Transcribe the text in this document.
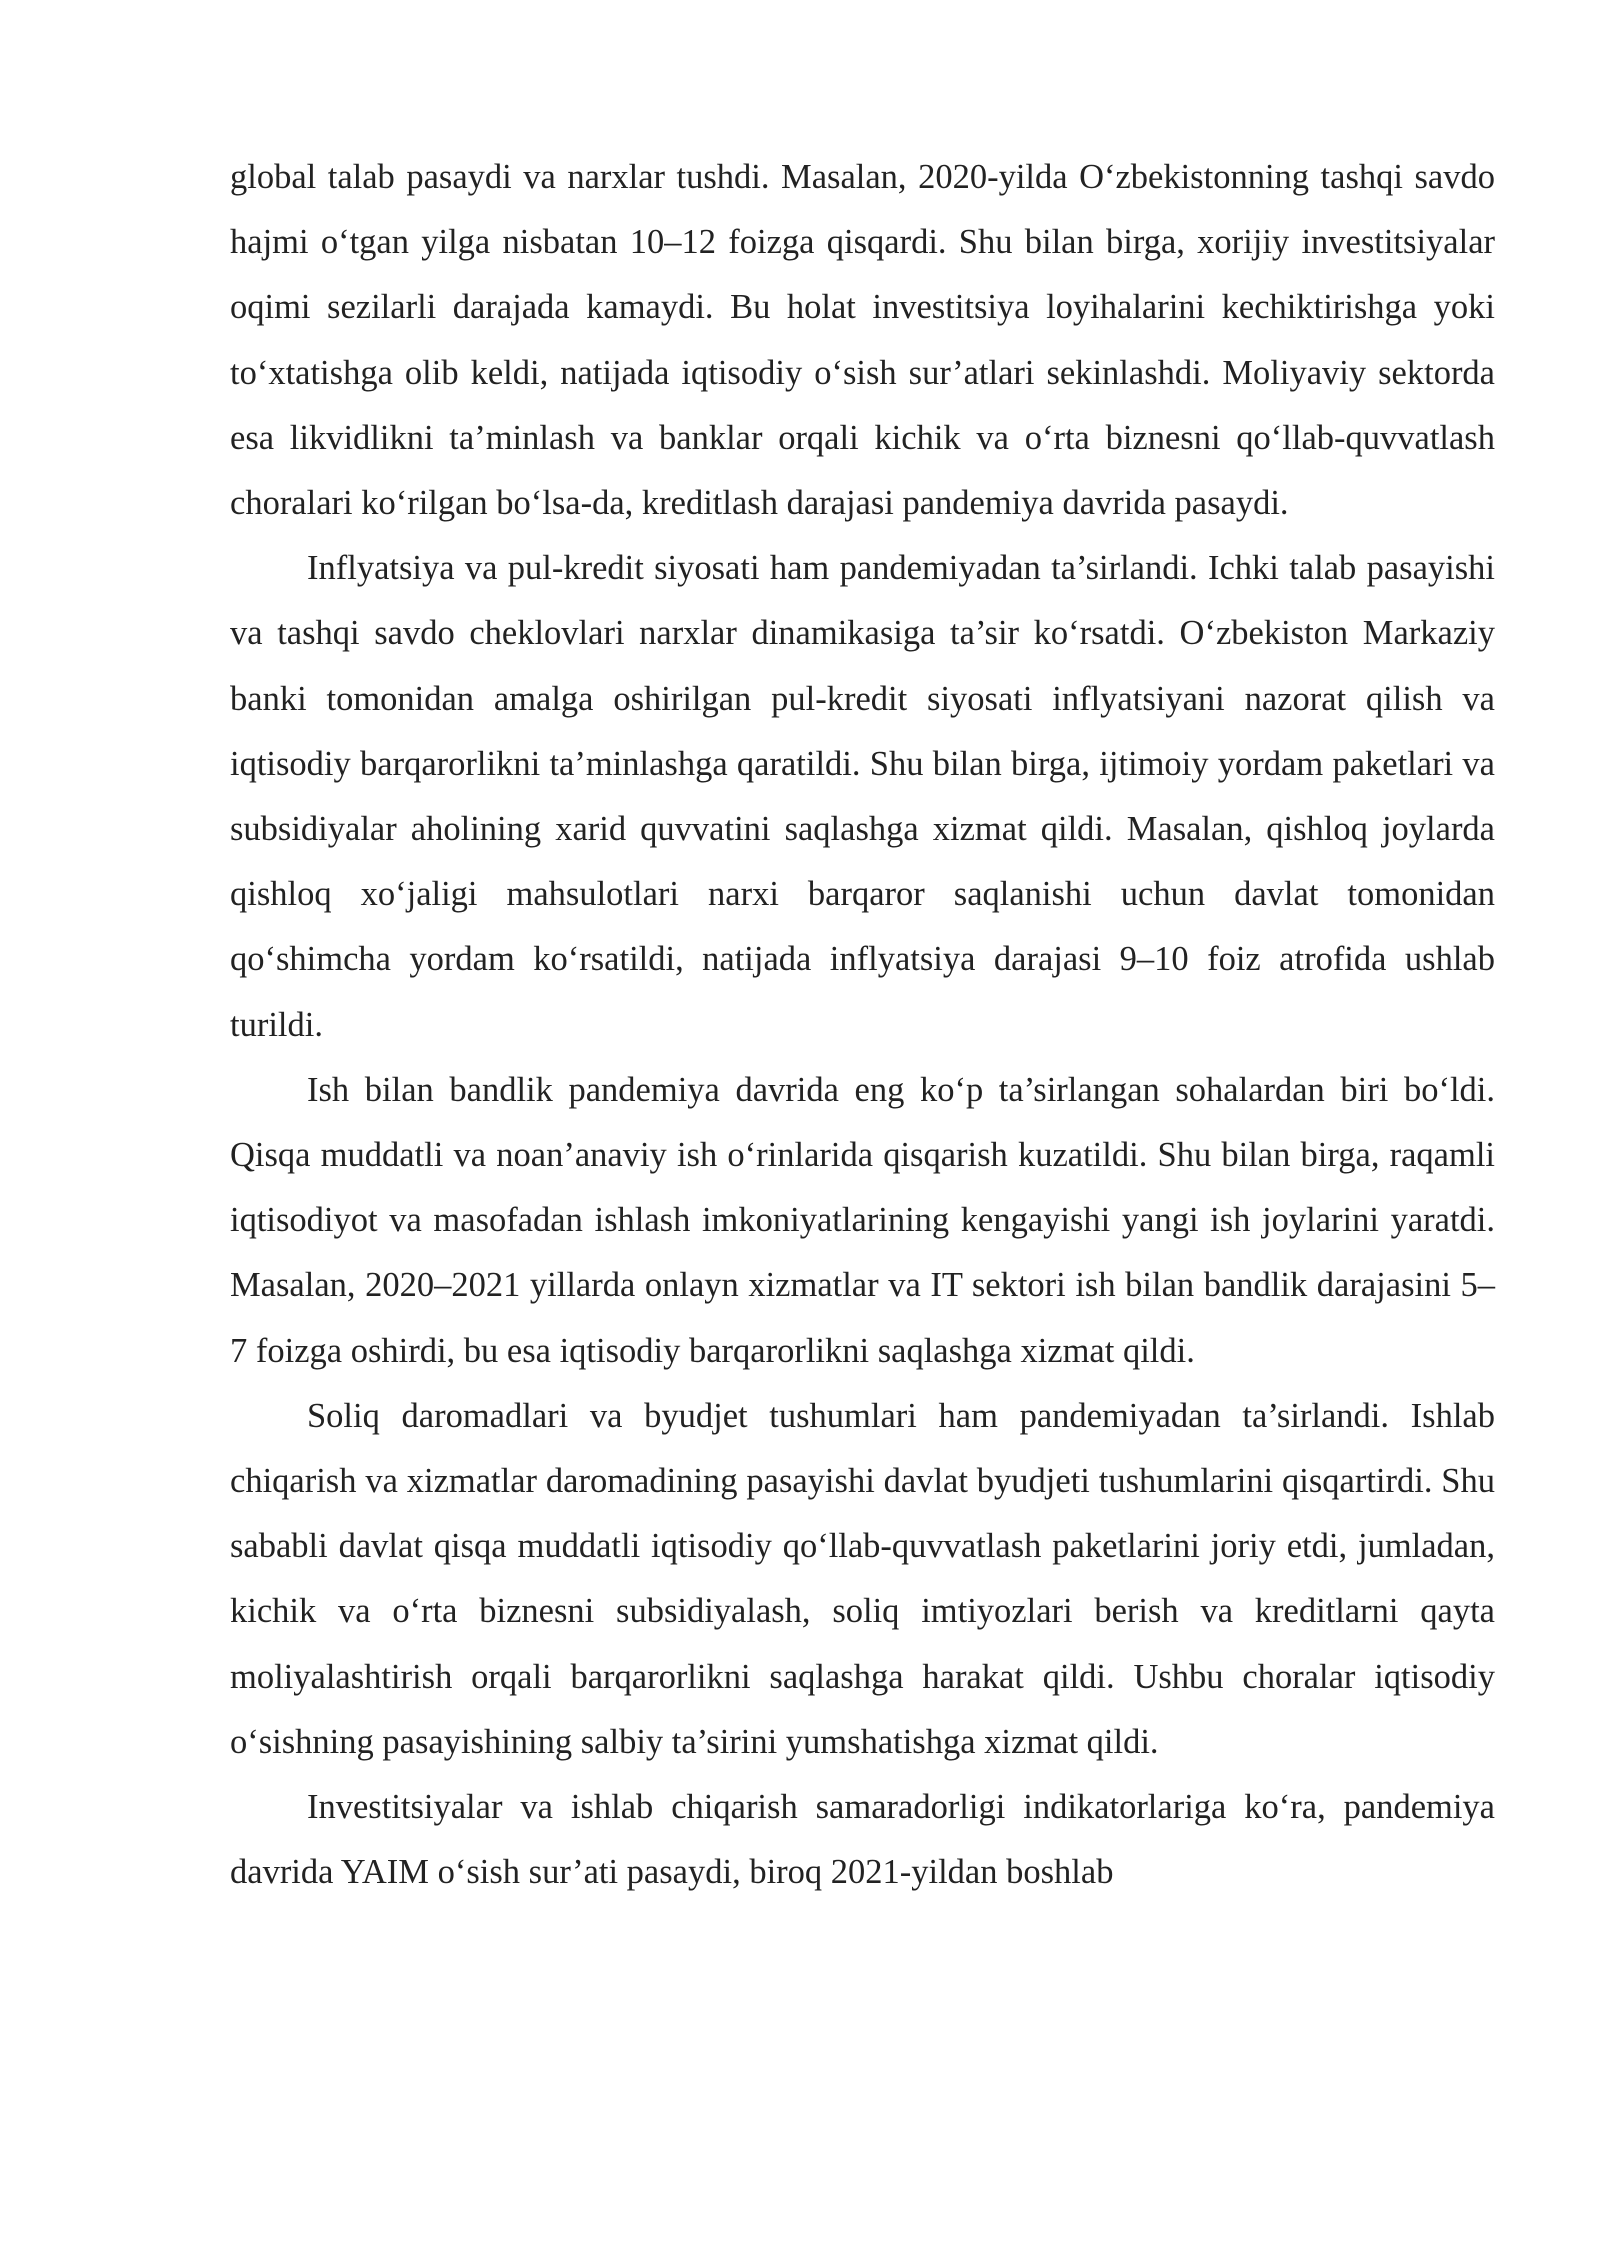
global talab pasaydi va narxlar tushdi. Masalan, 2020-yilda O‘zbekistonning tashqi savdo hajmi o‘tgan yilga nisbatan 10–12 foizga qisqardi. Shu bilan birga, xorijiy investitsiyalar oqimi sezilarli darajada kamaydi. Bu holat investitsiya loyihalarini kechiktirishga yoki to‘xtatishga olib keldi, natijada iqtisodiy o‘sish sur’atlari sekinlashdi. Moliyaviy sektorda esa likvidlikni ta’minlash va banklar orqali kichik va o‘rta biznesni qo‘llab-quvvatlash choralari ko‘rilgan bo‘lsa-da, kreditlash darajasi pandemiya davrida pasaydi.

Inflyatsiya va pul-kredit siyosati ham pandemiyadan ta’sirlandi. Ichki talab pasayishi va tashqi savdo cheklovlari narxlar dinamikasiga ta’sir ko‘rsatdi. O‘zbekiston Markaziy banki tomonidan amalga oshirilgan pul-kredit siyosati inflyatsiyani nazorat qilish va iqtisodiy barqarorlikni ta’minlashga qaratildi. Shu bilan birga, ijtimoiy yordam paketlari va subsidiyalar aholining xarid quvvatini saqlashga xizmat qildi. Masalan, qishloq joylarda qishloq xo‘jaligi mahsulotlari narxi barqaror saqlanishi uchun davlat tomonidan qo‘shimcha yordam ko‘rsatildi, natijada inflyatsiya darajasi 9–10 foiz atrofida ushlab turildi.

Ish bilan bandlik pandemiya davrida eng ko‘p ta’sirlangan sohalardan biri bo‘ldi. Qisqa muddatli va noan’anaviy ish o‘rinlarida qisqarish kuzatildi. Shu bilan birga, raqamli iqtisodiyot va masofadan ishlash imkoniyatlarining kengayishi yangi ish joylarini yaratdi. Masalan, 2020–2021 yillarda onlayn xizmatlar va IT sektori ish bilan bandlik darajasini 5–7 foizga oshirdi, bu esa iqtisodiy barqarorlikni saqlashga xizmat qildi.

Soliq daromadlari va byudjet tushumlari ham pandemiyadan ta’sirlandi. Ishlab chiqarish va xizmatlar daromadining pasayishi davlat byudjeti tushumlarini qisqartirdi. Shu sababli davlat qisqa muddatli iqtisodiy qo‘llab-quvvatlash paketlarini joriy etdi, jumladan, kichik va o‘rta biznesni subsidiyalash, soliq imtiyozlari berish va kreditlarni qayta moliyalashtirish orqali barqarorlikni saqlashga harakat qildi. Ushbu choralar iqtisodiy o‘sishning pasayishining salbiy ta’sirini yumshatishga xizmat qildi.

Investitsiyalar va ishlab chiqarish samaradorligi indikatorlariga ko‘ra, pandemiya davrida YAIM o‘sish sur’ati pasaydi, biroq 2021-yildan boshlab
